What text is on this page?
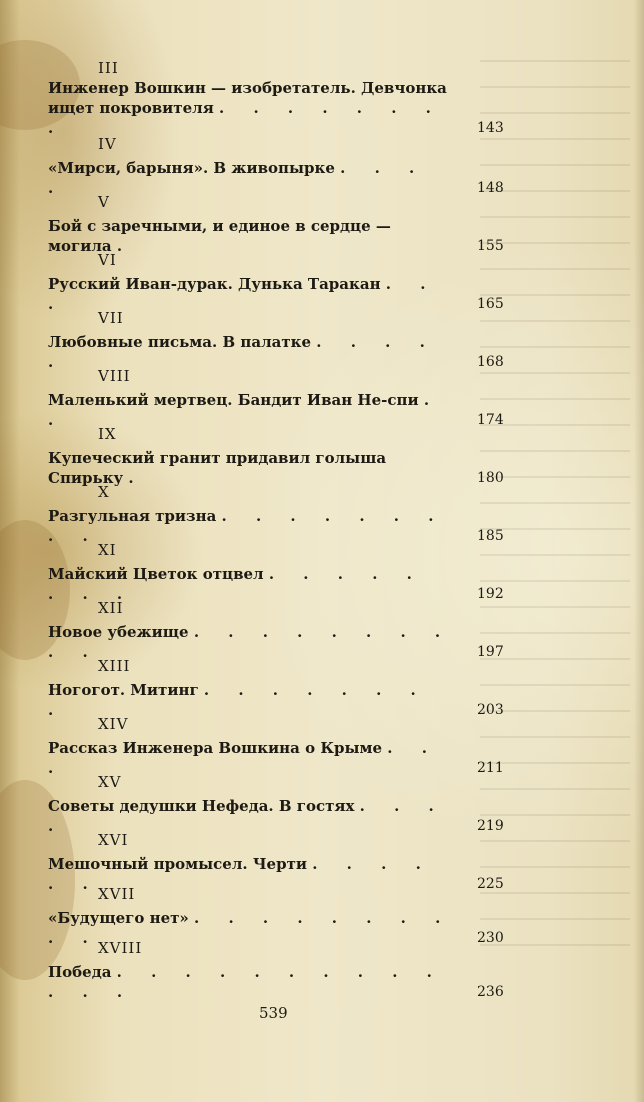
III
Инженер Вошкин — изобретатель. Девчонка
ищет покровителя . . . . . . . .	143
IV
«Мирси, барыня». В живопырке . . . .	148
V
Бой с заречными, и единое в сердце — могила .	155
VI
Русский Иван-дурак. Дунька Таракан . . .	165
VII
Любовные письма. В палатке . . . . .	168
VIII
Маленький мертвец. Бандит Иван Не-спи . .	174
IX
Купеческий гранит придавил голыша Спирьку .	180
X
Разгульная тризна . . . . . . . . .	185
XI
Майский Цветок отцвел . . . . . . . .	192
XII
Новое убежище . . . . . . . . . .	197
XIII
Hoгогот. Митинг . . . . . . . .	203
XIV
Рассказ Инженера Вошкина о Крыме . . .	211
XV
Советы дедушки Нефеда. В гостях . . . .	219
XVI
Мешочный промысел. Черти . . . . . .	225
XVII
«Будущего нет» . . . . . . . . . .	230
XVIII
Победа . . . . . . . . . . . . .	236
539
